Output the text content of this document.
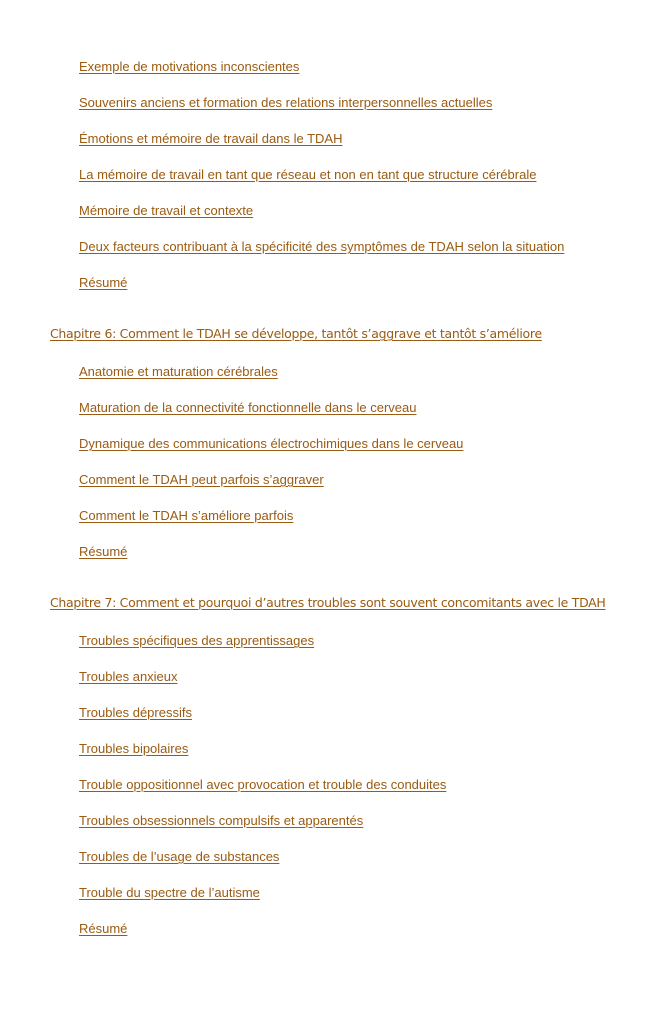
Exemple de motivations inconscientes
Souvenirs anciens et formation des relations interpersonnelles actuelles
Émotions et mémoire de travail dans le TDAH
La mémoire de travail en tant que réseau et non en tant que structure cérébrale
Mémoire de travail et contexte
Deux facteurs contribuant à la spécificité des symptômes de TDAH selon la situation
Résumé
Chapitre 6: Comment le TDAH se développe, tantôt s’aggrave et tantôt s’améliore
Anatomie et maturation cérébrales
Maturation de la connectivité fonctionnelle dans le cerveau
Dynamique des communications électrochimiques dans le cerveau
Comment le TDAH peut parfois s’aggraver
Comment le TDAH s’améliore parfois
Résumé
Chapitre 7: Comment et pourquoi d’autres troubles sont souvent concomitants avec le TDAH
Troubles spécifiques des apprentissages
Troubles anxieux
Troubles dépressifs
Troubles bipolaires
Trouble oppositionnel avec provocation et trouble des conduites
Troubles obsessionnels compulsifs et apparentés
Troubles de l’usage de substances
Trouble du spectre de l’autisme
Résumé
